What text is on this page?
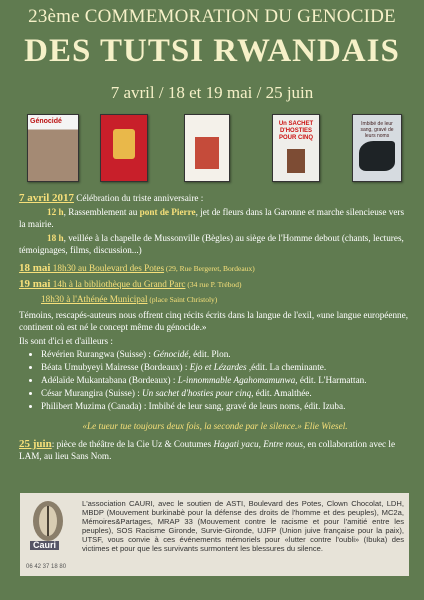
23ème COMMEMORATION DU GENOCIDE
DES TUTSI RWANDAIS
7 avril / 18 et 19 mai / 25 juin
Génocidé	Un SACHET D'HOSTIES POUR CINQ
Imbibé de leur sang, gravé de leurs noms

7 avril 2017 Célébration du triste anniversaire :

12 h, Rassemblement au pont de Pierre, jet de fleurs dans la Garonne et marche silencieuse vers la mairie.

18 h, veillée à la chapelle de Mussonville (Bègles) au siège de l'Homme debout (chants, lectures, témoignages, films, discussion...)

18 mai 18h30 au Boulevard des Potes (29, Rue Bergeret, Bordeaux)

19 mai 14h à la bibliothèque du Grand Parc (34 rue P. Trébod)

18h30 à l'Athénée Municipal (place Saint Christoly)

Témoins, rescapés-auteurs nous offrent cinq récits écrits dans la langue de l'exil, «une langue européenne, continent où est né le concept même du génocide.»

Ils sont d'ici et d'ailleurs :

• Révérien Rurangwa (Suisse) : Génocidé, édit. Plon.
• Béata Umubyeyi Mairesse (Bordeaux) : Ejo et Lézardes ,édit. La cheminante.
• Adélaïde Mukantabana (Bordeaux) : L-innommable Agahomamunwa, édit. L'Harmattan.
• César Murangira (Suisse) : Un sachet d'hosties pour cinq, édit. Amalthée.
• Philibert Muzima (Canada) : Imbibé de leur sang, gravé de leurs noms, édit. Izuba.

«Le tueur tue toujours deux fois, la seconde par le silence.» Elie Wiesel.

25 juin: pièce de théâtre de la Cie Uz & Coutumes Hagati yacu, Entre nous, en collaboration avec le LAM, au lieu Sans Nom.

Cauri
06 42 37 18 80
L'association CAURI, avec le soutien de ASTI, Boulevard des Potes, Clown Chocolat, LDH, MBDP (Mouvement burkinabè pour la défense des droits de l'homme et des peuples), MC2a, Mémoires&Partages, MRAP 33 (Mouvement contre le racisme et pour l'amitié entre les peuples), SOS Racisme Gironde, Survie-Gironde, UJFP (Union juive française pour la paix), UTSF, vous convie à ces événements mémoriels pour «lutter contre l'oubli» (Ibuka) des victimes et pour que les survivants surmontent les blessures du silence.
